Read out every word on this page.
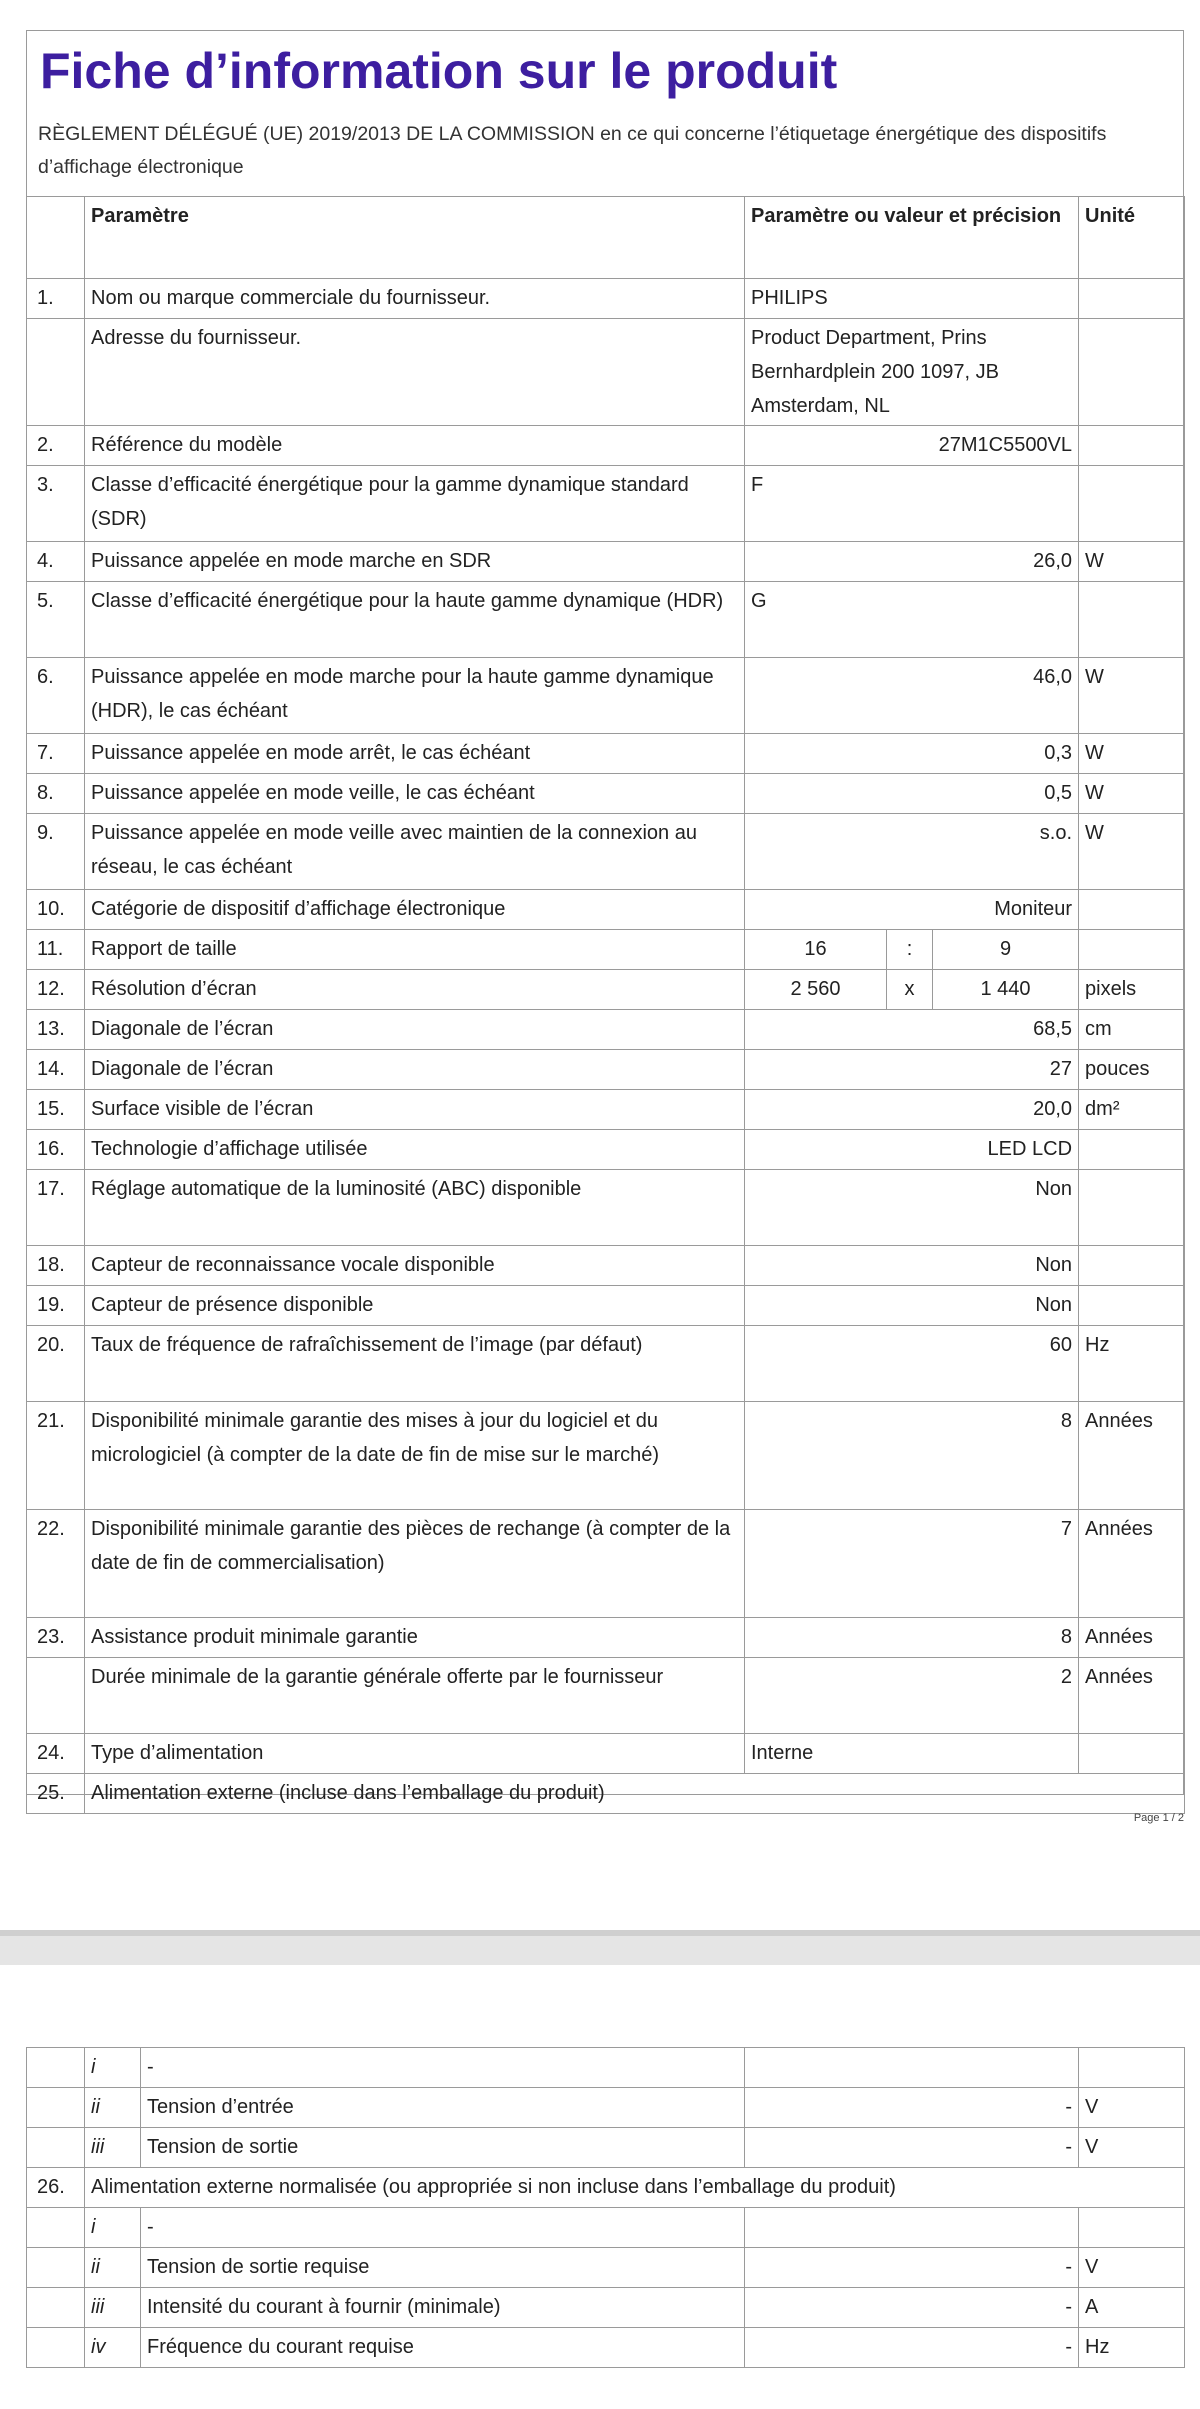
Fiche d’information sur le produit

RÈGLEMENT DÉLÉGUÉ (UE) 2019/2013 DE LA COMMISSION en ce qui concerne l’étiquetage énergétique des dispositifs d’affichage électronique

	Paramètre	Paramètre ou valeur et précision			Unité
1.	Nom ou marque commerciale du fournisseur.	PHILIPS			
	Adresse du fournisseur.	Product Department, Prins Bernhardplein 200 1097, JB Amsterdam, NL			
2.	Référence du modèle	27M1C5500VL			
3.	Classe d’efficacité énergétique pour la gamme dynamique standard (SDR)	F			
4.	Puissance appelée en mode marche en SDR	26,0			W
5.	Classe d’efficacité énergétique pour la haute gamme dynamique (HDR)	G			
6.	Puissance appelée en mode marche pour la haute gamme dynamique (HDR), le cas échéant	46,0			W
7.	Puissance appelée en mode arrêt, le cas échéant	0,3			W
8.	Puissance appelée en mode veille, le cas échéant	0,5			W
9.	Puissance appelée en mode veille avec maintien de la connexion au réseau, le cas échéant	s.o.			W
10.	Catégorie de dispositif d’affichage électronique	Moniteur			
11.	Rapport de taille	16	:	9	
12.	Résolution d’écran	2 560	x	1 440	pixels
13.	Diagonale de l’écran	68,5			cm
14.	Diagonale de l’écran	27			pouces
15.	Surface visible de l’écran	20,0			dm²
16.	Technologie d’affichage utilisée	LED LCD			
17.	Réglage automatique de la luminosité (ABC) disponible	Non			
18.	Capteur de reconnaissance vocale disponible	Non			
19.	Capteur de présence disponible	Non			
20.	Taux de fréquence de rafraîchissement de l’image (par défaut)	60			Hz
21.	Disponibilité minimale garantie des mises à jour du logiciel et du micrologiciel (à compter de la date de fin de mise sur le marché)	8			Années
22.	Disponibilité minimale garantie des pièces de rechange (à compter de la date de fin de commercialisation)	7			Années
23.	Assistance produit minimale garantie	8			Années
	Durée minimale de la garantie générale offerte par le fournisseur	2			Années
24.	Type d’alimentation	Interne			
25.	Alimentation externe (incluse dans l’emballage du produit)				
Page 1 / 2
	i	-		
	ii	Tension d’entrée	-	V
	iii	Tension de sortie	-	V
26.	Alimentation externe normalisée (ou appropriée si non incluse dans l’emballage du produit)			
	i	-		
	ii	Tension de sortie requise	-	V
	iii	Intensité du courant à fournir (minimale)	-	A
	iv	Fréquence du courant requise	-	Hz
